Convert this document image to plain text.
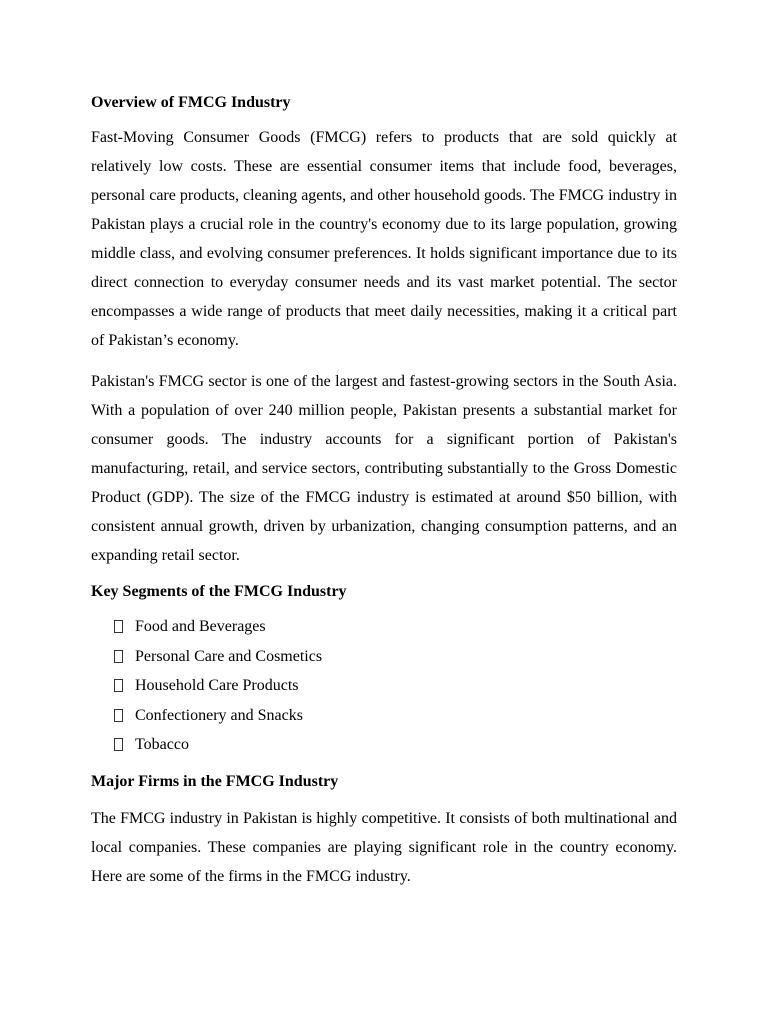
Overview of FMCG Industry

Fast-Moving Consumer Goods (FMCG) refers to products that are sold quickly at relatively low costs. These are essential consumer items that include food, beverages, personal care products, cleaning agents, and other household goods. The FMCG industry in Pakistan plays a crucial role in the country's economy due to its large population, growing middle class, and evolving consumer preferences. It holds significant importance due to its direct connection to everyday consumer needs and its vast market potential. The sector encompasses a wide range of products that meet daily necessities, making it a critical part of Pakistan’s economy.

Pakistan's FMCG sector is one of the largest and fastest-growing sectors in the South Asia. With a population of over 240 million people, Pakistan presents a substantial market for consumer goods. The industry accounts for a significant portion of Pakistan's manufacturing, retail, and service sectors, contributing substantially to the Gross Domestic Product (GDP). The size of the FMCG industry is estimated at around $50 billion, with consistent annual growth, driven by urbanization, changing consumption patterns, and an expanding retail sector.

Key Segments of the FMCG Industry

Food and Beverages
Personal Care and Cosmetics
Household Care Products
Confectionery and Snacks
Tobacco

Major Firms in the FMCG Industry

The FMCG industry in Pakistan is highly competitive. It consists of both multinational and local companies. These companies are playing significant role in the country economy. Here are some of the firms in the FMCG industry.
